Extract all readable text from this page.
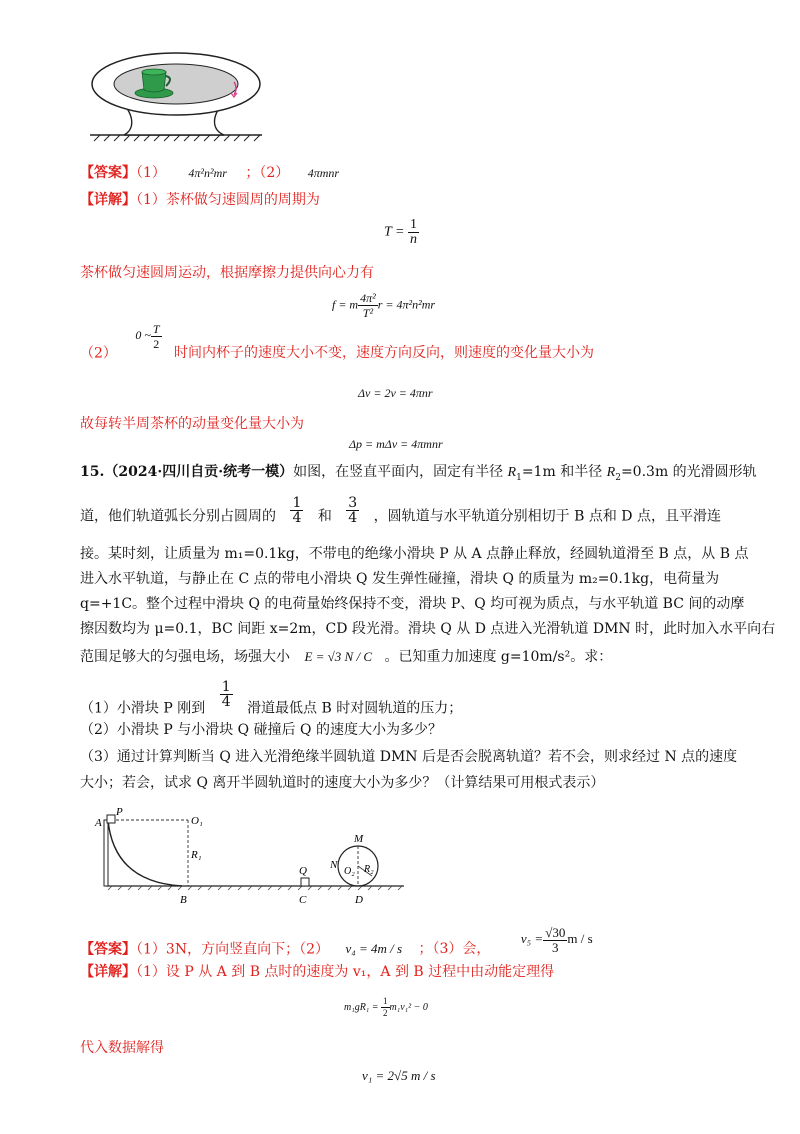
【答案】（1） 4π²n²mr ；（2） 4πmnr
【详解】（1）茶杯做匀速圆周的周期为
$T = \frac{1}{n}$
茶杯做匀速圆周运动，根据摩擦力提供向心力有
f = m $\frac{\text{4π²}}{\text{T²}}$ r = 4π²n²mr
（2） 0 ~ $\frac{T}{2}$
时间内杯子的速度大小不变，速度方向反向，则速度的变化量大小为
Δv = 2v = 4πnr
故每转半周茶杯的动量变化量大小为
Δp = mΔv = 4πmnr
15.（2024·四川自贡·统考一模）如图，在竖直平面内，固定有半径 $R_1=1m$ 和半径 $R_2=0.3m$ 的光滑圆形轨
道，他们轨道弧长分别占圆周的 $\frac{1}{4}$ 和 $\frac{3}{4}$ ，圆轨道与水平轨道分别相切于 B 点和 D 点，且平滑连
接。某时刻，让质量为 m₁=0.1kg，不带电的绝缘小滑块 P 从 A 点静止释放，经圆轨道滑至 B 点，从 B 点
进入水平轨道，与静止在 C 点的带电小滑块 Q 发生弹性碰撞，滑块 Q 的质量为 m₂=0.1kg，电荷量为
q=+1C。整个过程中滑块 Q 的电荷量始终保持不变，滑块 P、Q 均可视为质点，与水平轨道 BC 间的动摩
擦因数均为 μ=0.1，BC 间距 x=2m，CD 段光滑。滑块 Q 从 D 点进入光滑轨道 DMN 时，此时加入水平向右
范围足够大的匀强电场，场强大小 E = √3 N / C 。已知重力加速度 g=10m/s²。求：
（1）小滑块 P 刚到 $\frac{1}{4}$ 滑道最低点 B 时对圆轨道的压力；
（2）小滑块 P 与小滑块 Q 碰撞后 Q 的速度大小为多少？
（3）通过计算判断当 Q 进入光滑绝缘半圆轨道 DMN 后是否会脱离轨道？若不会，则求经过 N 点的速度
大小；若会，试求 Q 离开半圆轨道时的速度大小为多少？（计算结果可用根式表示）
A
P
O₁
R₁
B
Q
C
M
N
O₂ R₂
D
【答案】（1）3N，方向竖直向下；（2） v₄ = 4m / s ；（3）会， $v_5 = \frac{√30}{3}$ m / s
【详解】（1）设 P 从 A 到 B 点时的速度为 v₁，A 到 B 过程中由动能定理得
$m_1gR_1 = \frac{1}{2} m_1v_1^2 - 0$
代入数据解得
v₁ = 2√5 m / s
